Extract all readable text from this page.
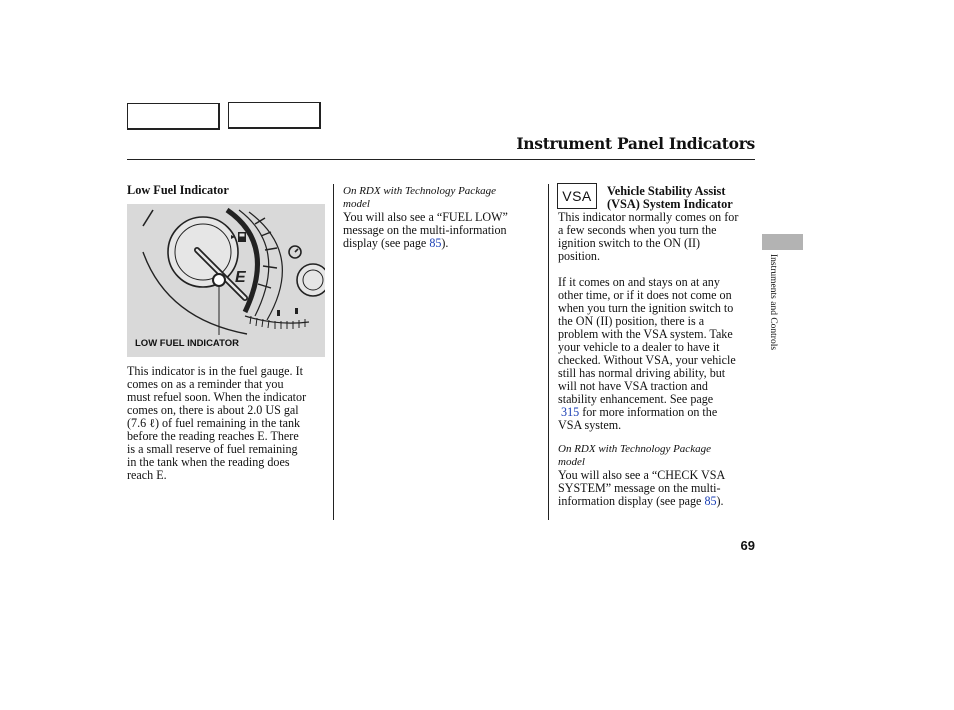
Instrument Panel Indicators
Low Fuel Indicator
E
LOW FUEL INDICATOR
This indicator is in the fuel gauge. It
comes on as a reminder that you
must refuel soon. When the indicator
comes on, there is about 2.0 US gal
(7.6 ℓ) of fuel remaining in the tank
before the reading reaches E. There
is a small reserve of fuel remaining
in the tank when the reading does
reach E.
On RDX with Technology Package
model
You will also see a “FUEL LOW”
message on the multi-information
display (see page 85).
VSA	Vehicle Stability Assist
(VSA) System Indicator
This indicator normally comes on for
a few seconds when you turn the
ignition switch to the ON (II)
position.
If it comes on and stays on at any
other time, or if it does not come on
when you turn the ignition switch to
the ON (II) position, there is a
problem with the VSA system. Take
your vehicle to a dealer to have it
checked. Without VSA, your vehicle
still has normal driving ability, but
will not have VSA traction and
stability enhancement. See page
315 for more information on the
VSA system.
On RDX with Technology Package
model
You will also see a “CHECK VSA
SYSTEM” message on the multi-
information display (see page 85).
Instruments and Controls
69
